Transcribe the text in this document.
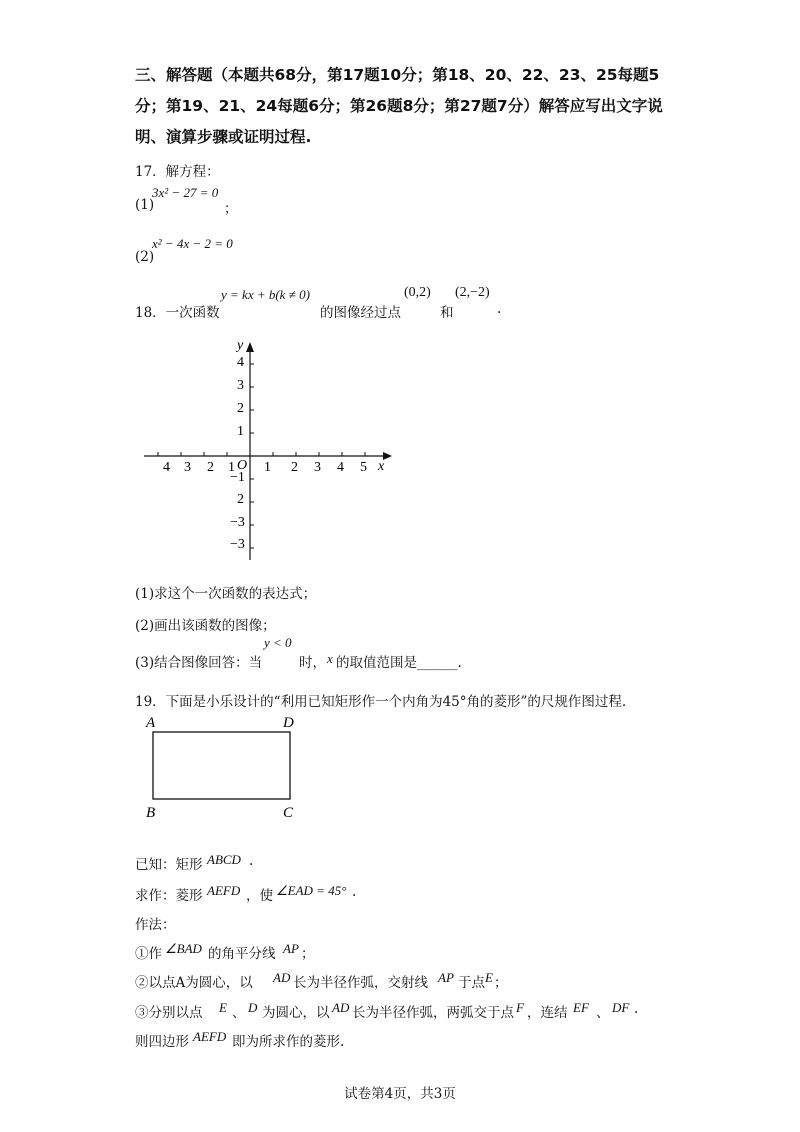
三、解答题（本题共68分，第17题10分；第18、20、22、23、25每题5分；第19、21、24每题6分；第26题8分；第27题7分）解答应写出文字说明、演算步骤或证明过程.
17．解方程：
(1)
3x² − 27 = 0
；
(2)
x² − 4x − 2 = 0
18．一次函数
y = kx + b(k ≠ 0)
的图像经过点
(0,2)
和
(2,−2)
.
x
y
O 1 2 3 4 5
4 3 2 1
4
3
2
1
−1
2
−3
−3
(1)求这个一次函数的表达式；
(2)画出该函数的图像；
(3)结合图像回答：当
y < 0
时， x 的取值范围是______.
19．下面是小乐设计的“利用已知矩形作一个内角为45°角的菱形”的尺规作图过程.
A	D
B	C
已知：矩形 ABCD .
求作：菱形 AEFD ，使 ∠EAD = 45° .
作法：
①作 ∠BAD 的角平分线 AP ；
②以点A为圆心，以 AD 长为半径作弧，交射线 AP 于点 E ；
③分别以点 E 、 D 为圆心，以 AD 长为半径作弧，两弧交于点 F ，连结 EF 、 DF .
则四边形 AEFD 即为所求作的菱形.
试卷第4页，共3页
